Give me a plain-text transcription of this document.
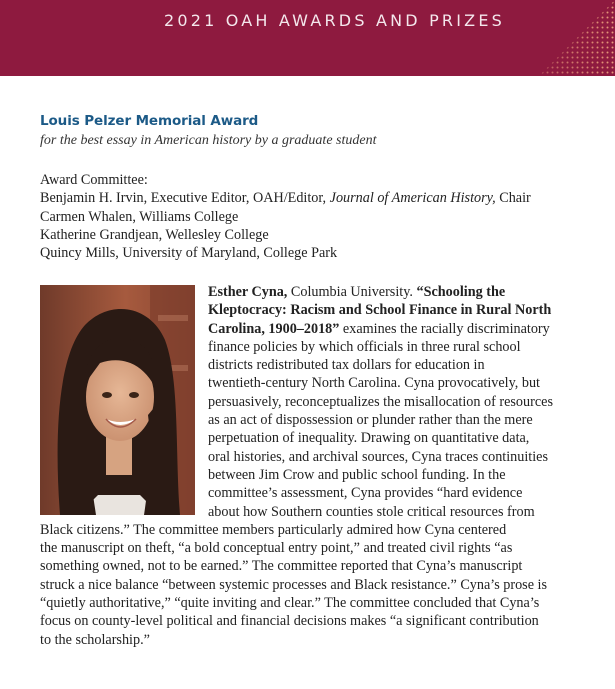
2021 OAH AWARDS AND PRIZES
Louis Pelzer Memorial Award
for the best essay in American history by a graduate student
Award Committee:
Benjamin H. Irvin, Executive Editor, OAH/Editor, Journal of American History, Chair
Carmen Whalen, Williams College
Katherine Grandjean, Wellesley College
Quincy Mills, University of Maryland, College Park
Esther Cyna, Columbia University. “Schooling the
Kleptocracy: Racism and School Finance in Rural North
Carolina, 1900–2018” examines the racially discriminatory
finance policies by which officials in three rural school
districts redistributed tax dollars for education in
twentieth-century North Carolina. Cyna provocatively, but
persuasively, reconceptualizes the misallocation of resources
as an act of dispossession or plunder rather than the mere
perpetuation of inequality. Drawing on quantitative data,
oral histories, and archival sources, Cyna traces continuities
between Jim Crow and public school funding. In the
committee’s assessment, Cyna provides “hard evidence
about how Southern counties stole critical resources from
Black citizens.” The committee members particularly admired how Cyna centered
the manuscript on theft, “a bold conceptual entry point,” and treated civil rights “as
something owned, not to be earned.” The committee reported that Cyna’s manuscript
struck a nice balance “between systemic processes and Black resistance.” Cyna’s prose is
“quietly authoritative,” “quite inviting and clear.” The committee concluded that Cyna’s
focus on county-level political and financial decisions makes “a significant contribution
to the scholarship.”
